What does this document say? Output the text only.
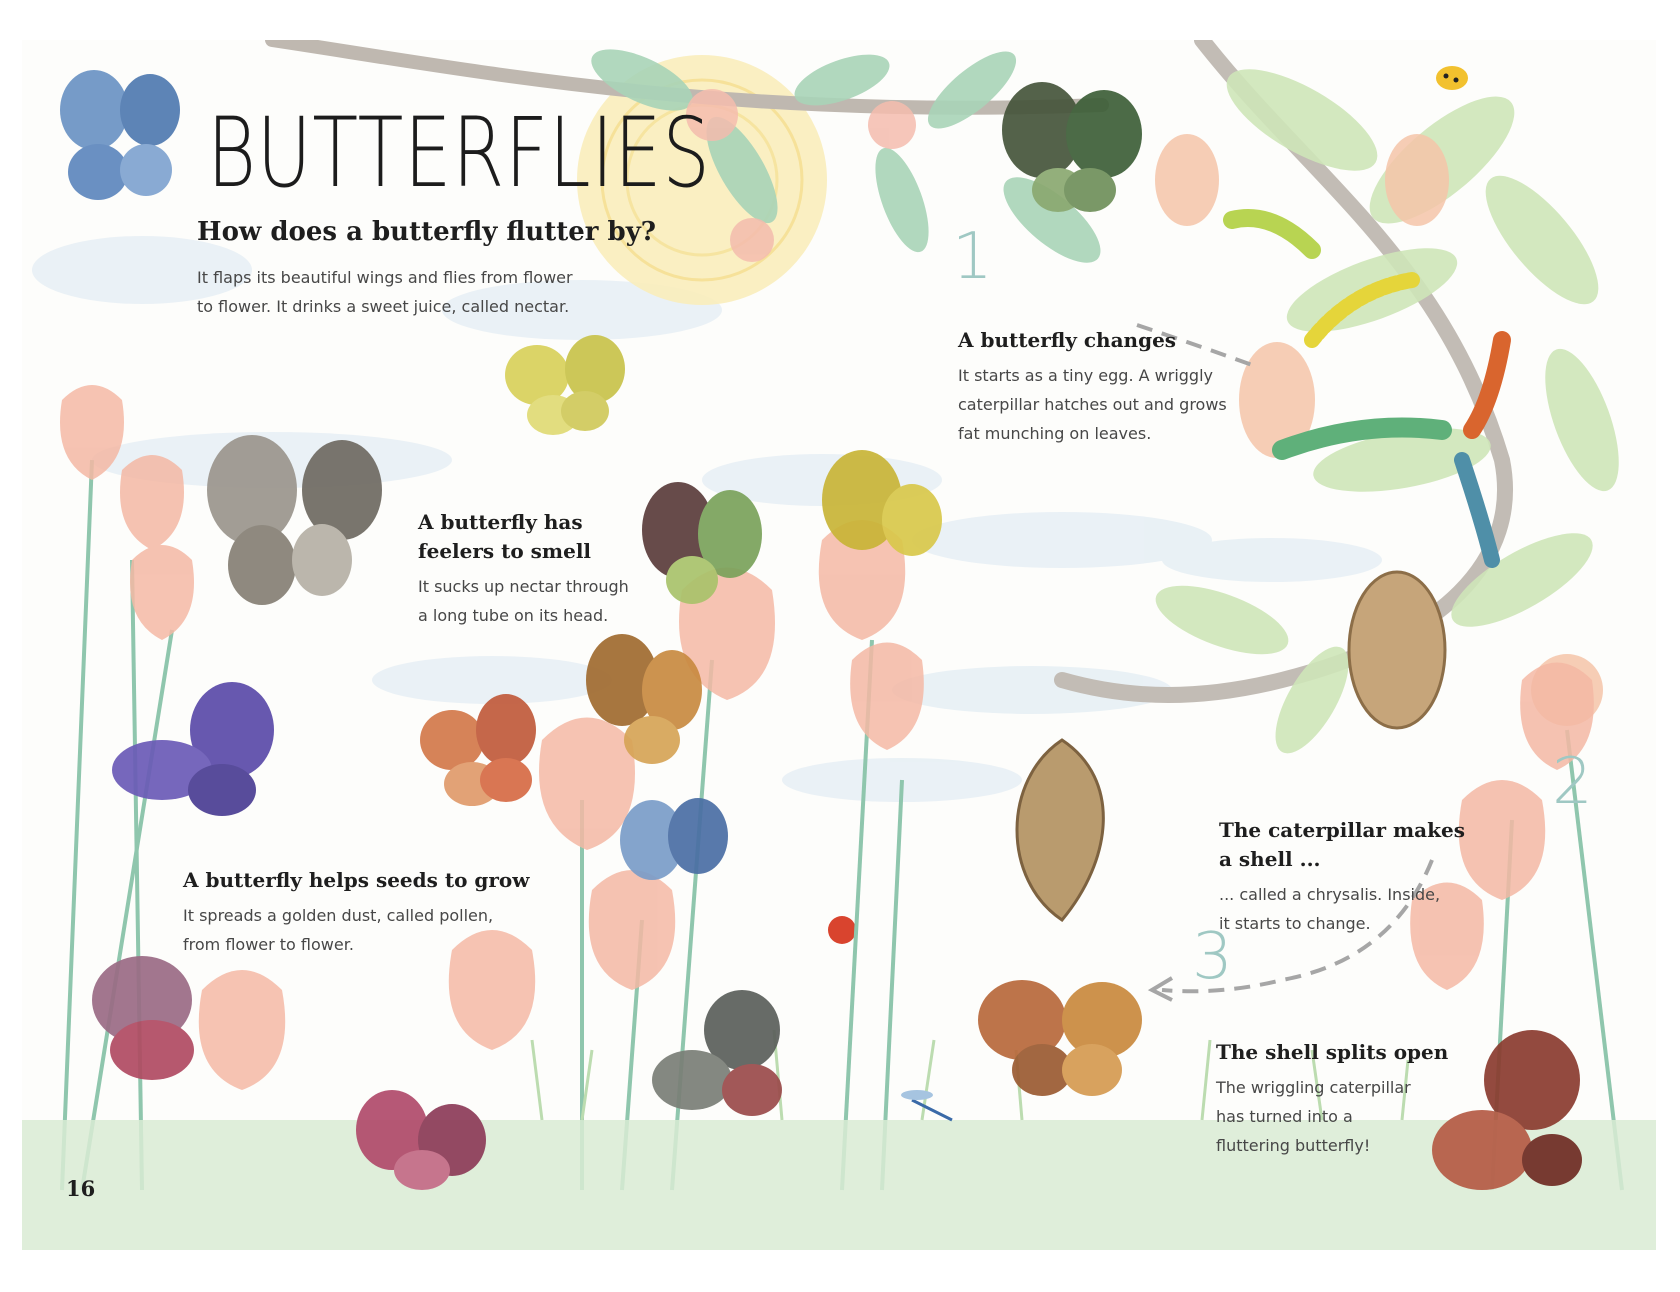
BUTTERFLIES
How does a butterfly flutter by?
It flaps its beautiful wings and flies from flower
to flower. It drinks a sweet juice, called nectar.
A butterfly has
feelers to smell
It sucks up nectar through
a long tube on its head.
A butterfly helps seeds to grow
It spreads a golden dust, called pollen,
from flower to flower.
1
2
3
A butterfly changes
It starts as a tiny egg. A wriggly
caterpillar hatches out and grows
fat munching on leaves.
The caterpillar makes
a shell ...
... called a chrysalis. Inside,
it starts to change.
The shell splits open
The wriggling caterpillar
has turned into a
fluttering butterfly!
16
